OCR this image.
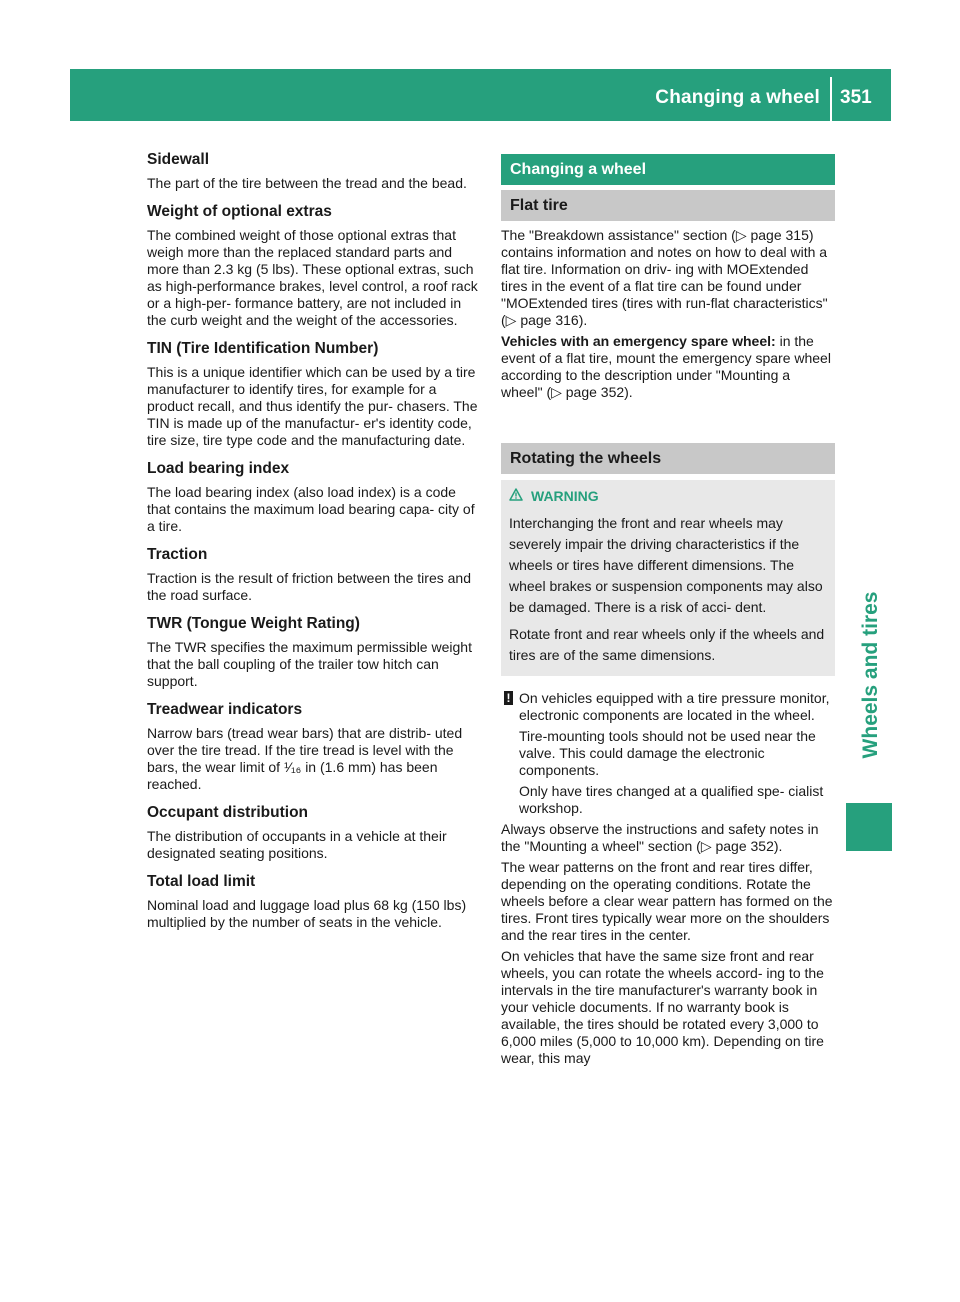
Changing a wheel 351
Wheels and tires
Sidewall
The part of the tire between the tread and the bead.
Weight of optional extras
The combined weight of those optional extras that weigh more than the replaced standard parts and more than 2.3 kg (5 lbs). These optional extras, such as high-performance brakes, level control, a roof rack or a high-per- formance battery, are not included in the curb weight and the weight of the accessories.
TIN (Tire Identification Number)
This is a unique identifier which can be used by a tire manufacturer to identify tires, for example for a product recall, and thus identify the pur- chasers. The TIN is made up of the manufactur- er's identity code, tire size, tire type code and the manufacturing date.
Load bearing index
The load bearing index (also load index) is a code that contains the maximum load bearing capa- city of a tire.
Traction
Traction is the result of friction between the tires and the road surface.
TWR (Tongue Weight Rating)
The TWR specifies the maximum permissible weight that the ball coupling of the trailer tow hitch can support.
Treadwear indicators
Narrow bars (tread wear bars) that are distrib- uted over the tire tread. If the tire tread is level with the bars, the wear limit of ¹⁄₁₆ in (1.6 mm) has been reached.
Occupant distribution
The distribution of occupants in a vehicle at their designated seating positions.
Total load limit
Nominal load and luggage load plus 68 kg (150 lbs) multiplied by the number of seats in the vehicle.
Changing a wheel
Flat tire
The "Breakdown assistance" section (▷ page 315) contains information and notes on how to deal with a flat tire. Information on driv- ing with MOExtended tires in the event of a flat tire can be found under "MOExtended tires (tires with run-flat characteristics" (▷ page 316).
Vehicles with an emergency spare wheel: in the event of a flat tire, mount the emergency spare wheel according to the description under "Mounting a wheel" (▷ page 352).
Rotating the wheels
WARNING
Interchanging the front and rear wheels may severely impair the driving characteristics if the wheels or tires have different dimensions. The wheel brakes or suspension components may also be damaged. There is a risk of acci- dent.
Rotate front and rear wheels only if the wheels and tires are of the same dimensions.
! On vehicles equipped with a tire pressure monitor, electronic components are located in the wheel.
Tire-mounting tools should not be used near the valve. This could damage the electronic components.
Only have tires changed at a qualified spe- cialist workshop.
Always observe the instructions and safety notes in the "Mounting a wheel" section (▷ page 352).
The wear patterns on the front and rear tires differ, depending on the operating conditions. Rotate the wheels before a clear wear pattern has formed on the tires. Front tires typically wear more on the shoulders and the rear tires in the center.
On vehicles that have the same size front and rear wheels, you can rotate the wheels accord- ing to the intervals in the tire manufacturer's warranty book in your vehicle documents. If no warranty book is available, the tires should be rotated every 3,000 to 6,000 miles (5,000 to 10,000 km). Depending on tire wear, this may
